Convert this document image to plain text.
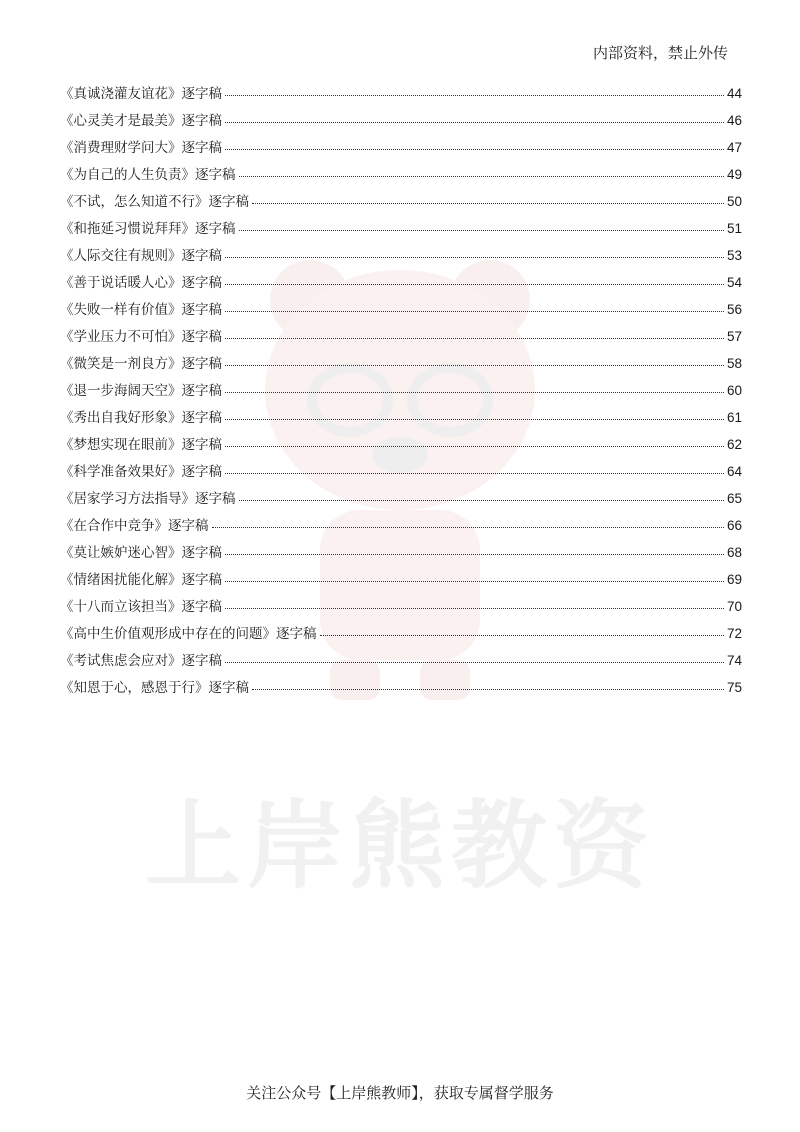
上岸熊教资
内部资料，禁止外传
《真诚浇灌友谊花》逐字稿	44
《心灵美才是最美》逐字稿	46
《消费理财学问大》逐字稿	47
《为自己的人生负责》逐字稿	49
《不试，怎么知道不行》逐字稿	50
《和拖延习惯说拜拜》逐字稿	51
《人际交往有规则》逐字稿	53
《善于说话暖人心》逐字稿	54
《失败一样有价值》逐字稿	56
《学业压力不可怕》逐字稿	57
《微笑是一剂良方》逐字稿	58
《退一步海阔天空》逐字稿	60
《秀出自我好形象》逐字稿	61
《梦想实现在眼前》逐字稿	62
《科学准备效果好》逐字稿	64
《居家学习方法指导》逐字稿	65
《在合作中竞争》逐字稿	66
《莫让嫉妒迷心智》逐字稿	68
《情绪困扰能化解》逐字稿	69
《十八而立该担当》逐字稿	70
《高中生价值观形成中存在的问题》逐字稿	72
《考试焦虑会应对》逐字稿	74
《知恩于心，感恩于行》逐字稿	75
关注公众号【上岸熊教师】，获取专属督学服务
